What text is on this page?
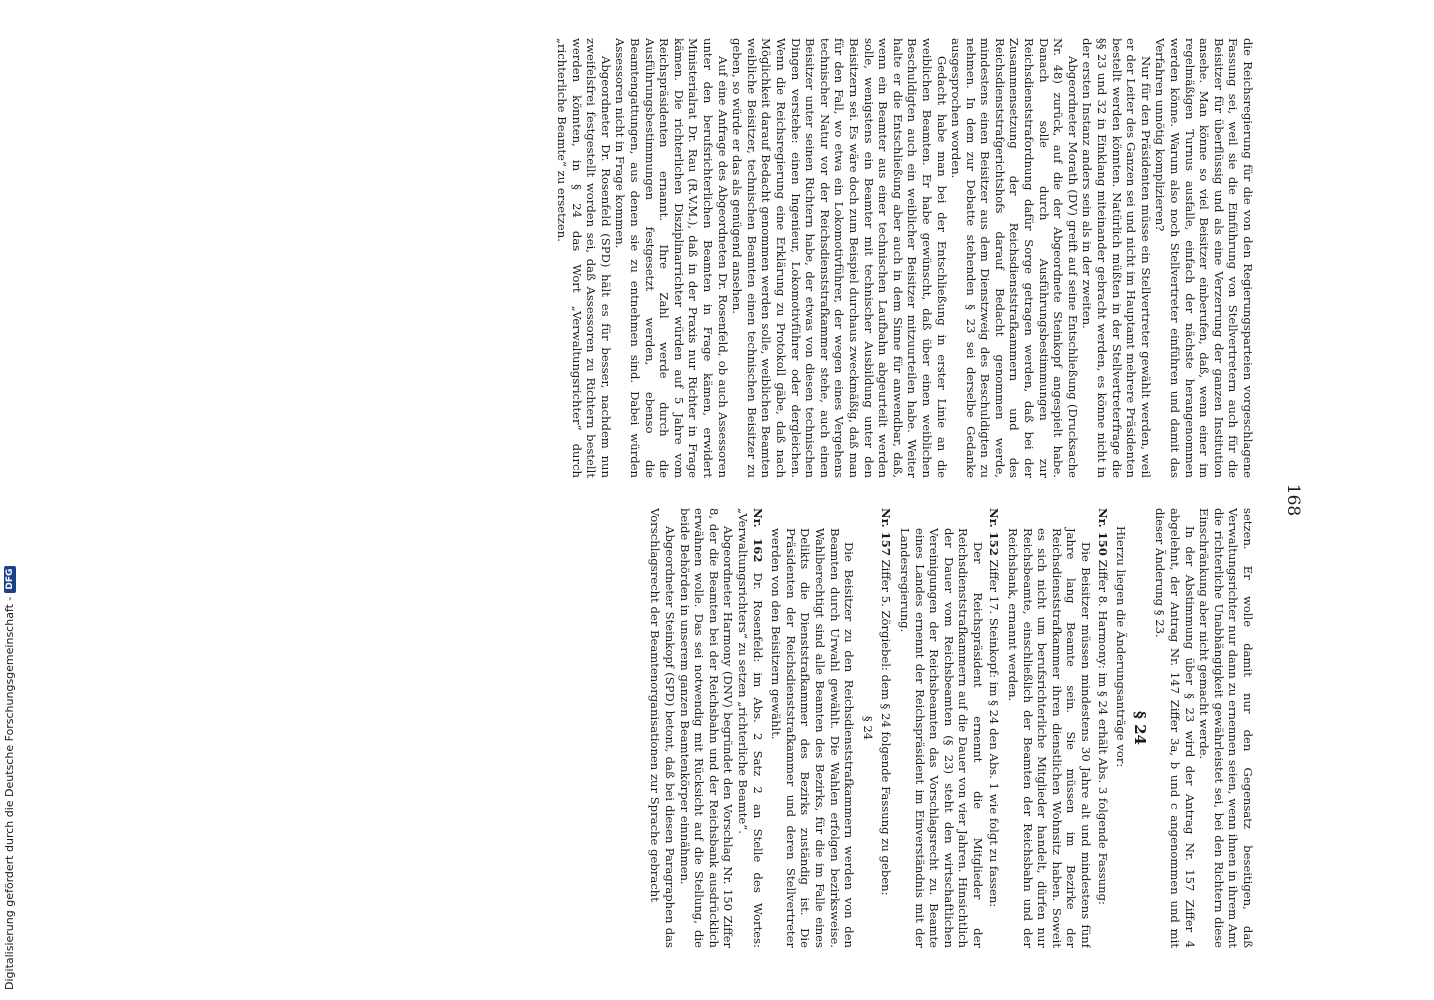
168

die Reichsregierung für die von den Regierungsparteien vorgeschlagene Fassung sei, weil sie die Einführung von Stellvertretern auch für die Beisitzer für überflüssig und als eine Verzerrung der ganzen Institution ansehe. Man könne so viel Beisitzer einberufen, daß, wenn einer im regelmäßigen Turnus ausfalle, einfach der nächste herangenommen werden könne. Warum also noch Stellvertreter einführen und damit das Verfahren unnötig komplizieren?

Nur für den Präsidenten müsse ein Stellvertreter gewählt werden, weil er der Leiter des Ganzen sei und nicht im Hauptamt mehrere Präsidenten bestellt werden könnten. Natürlich müßten in der Stellvertreterfrage die §§ 23 und 32 in Einklang miteinander gebracht werden, es könne nicht in der ersten Instanz anders sein als in der zweiten.

Abgeordneter Morath (DV) greift auf seine Entschließung (Drucksache Nr. 48) zurück, auf die der Abgeordnete Steinkopf angespielt habe. Danach solle durch Ausführungsbestimmungen zur Reichsdienststrafordnung dafür Sorge getragen werden, daß bei der Zusammensetzung der Reichsdienststrafkammern und des Reichsdienststrafgerichtshofs darauf Bedacht genommen werde, mindestens einen Beisitzer aus dem Dienstzweig des Beschuldigten zu nehmen. In dem zur Debatte stehenden § 23 sei derselbe Gedanke ausgesprochen worden.

Gedacht habe man bei der Entschließung in erster Linie an die weiblichen Beamten. Er habe gewünscht, daß über einen weiblichen Beschuldigten auch ein weiblicher Beisitzer mitzuurteilen habe. Weiter halte er die Entschließung aber auch in dem Sinne für anwendbar, daß, wenn ein Beamter aus einer technischen Laufbahn abgeurteilt werden solle, wenigstens ein Beamter mit technischer Ausbildung unter den Beisitzern sei. Es wäre doch zum Beispiel durchaus zweckmäßig, daß man für den Fall, wo etwa ein Lokomotivführer, der wegen eines Vergehens technischer Natur vor der Reichsdienststrafkammer stehe, auch einen Beisitzer unter seinen Richtern habe, der etwas von diesen technischen Dingen verstehe: einen Ingenieur, Lokomotivführer oder dergleichen. Wenn die Reichsregierung eine Erklärung zu Protokoll gäbe, daß nach Möglichkeit darauf Bedacht genommen werden solle, weiblichen Beamten weibliche Beisitzer, technischen Beamten einen technischen Beisitzer zu geben, so würde er das als genügend ansehen.

Auf eine Anfrage des Abgeordneten Dr. Rosenfeld, ob auch Assessoren unter den berufsrichterlichen Beamten in Frage kämen, erwidert Ministerialrat Dr. Rau (R.V.M.), daß in der Praxis nur Richter in Frage kämen. Die richterlichen Disziplinarrichter würden auf 5 Jahre vom Reichspräsidenten ernannt. Ihre Zahl werde durch die Ausführungsbestimmungen festgesetzt werden, ebenso die Beamtengattungen, aus denen sie zu entnehmen sind. Dabei würden Assessoren nicht in Frage kommen.

Abgeordneter Dr. Rosenfeld (SPD) hält es für besser, nachdem nun zweifelsfrei festgestellt worden sei, daß Assessoren zu Richtern bestellt werden könnten, in § 24 das Wort „Verwaltungsrichter“ durch „richterliche Beamte“ zu ersetzen.

setzen. Er wolle damit nur den Gegensatz beseitigen, daß Verwaltungsrichter nur dann zu ernennen seien, wenn ihnen in ihrem Amt die richterliche Unabhängigkeit gewährleistet sei, bei den Richtern diese Einschränkung aber nicht gemacht werde.

In der Abstimmung über § 23 wird der Antrag Nr. 157 Ziffer 4 abgelehnt, der Antrag Nr. 147 Ziffer 3a, b und c angenommen und mit dieser Änderung § 23.

§ 24

Hierzu liegen die Änderungsanträge vor:

Nr. 150 Ziffer 8. Harmony: im § 24 erhält Abs. 3 folgende Fassung:

Die Beisitzer müssen mindestens 30 Jahre alt und mindestens fünf Jahre lang Beamte sein. Sie müssen im Bezirke der Reichsdienststrafkammer ihren dienstlichen Wohnsitz haben. Soweit es sich nicht um berufsrichterliche Mitglieder handelt, dürfen nur Reichsbeamte, einschließlich der Beamten der Reichsbahn und der Reichsbank, ernannt werden.

Nr. 152 Ziffer 17. Steinkopf: im § 24 den Abs. 1 wie folgt zu fassen:

Der Reichspräsident ernennt die Mitglieder der Reichsdienststrafkammern auf die Dauer von vier Jahren. Hinsichtlich der Dauer vom Reichsbeamten (§ 23) steht den wirtschaftlichen Vereinigungen der Reichsbeamten das Vorschlagsrecht zu. Beamte eines Landes ernennt der Reichspräsident im Einverständnis mit der Landesregierung.

Nr. 157 Ziffer 5. Zörgiebel: dem § 24 folgende Fassung zu geben:

§ 24

Die Beisitzer zu den Reichsdienststrafkammern werden von den Beamten durch Urwahl gewählt. Die Wahlen erfolgen bezirksweise. Wahlberechtigt sind alle Beamten des Bezirks, für die im Falle eines Delikts die Dienststrafkammer des Bezirks zuständig ist. Die Präsidenten der Reichsdienststrafkammer und deren Stellvertreter werden von den Beisitzern gewählt.

Nr. 162 Dr. Rosenfeld: im Abs. 2 Satz 2 an Stelle des Wortes: „Verwaltungsrichters“ zu setzen „richterliche Beamte“.

Abgeordneter Harmony (DNV) begründet den Vorschlag Nr. 150 Ziffer 8, der die Beamten bei der Reichsbahn und der Reichsbank ausdrücklich erwähnen wolle. Das sei notwendig mit Rücksicht auf die Stellung, die beide Behörden in unserem ganzen Beamtenkörper einnähmen.

Abgeordneter Steinkopf (SPD) betont, daß bei diesen Paragraphen das Vorschlagsrecht der Beamtenorganisationen zur Sprache gebracht

Digitalisierung gefördert durch die Deutsche Forschungsgemeinschaft -
DFG
